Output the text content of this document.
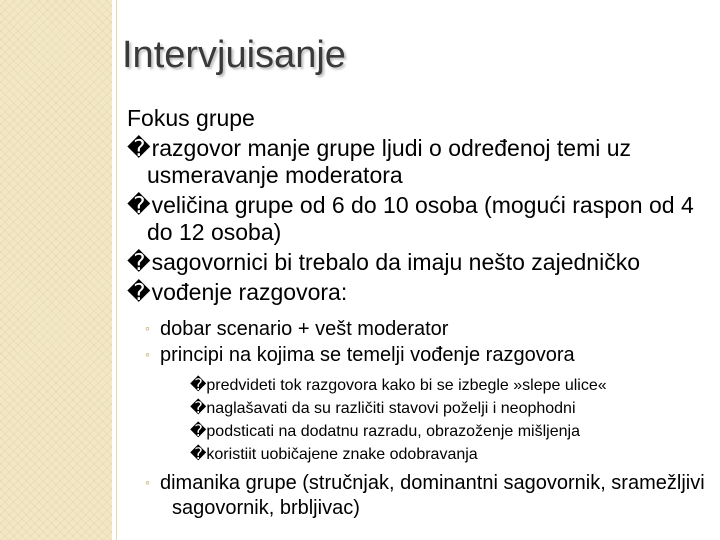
Intervjuisanje

Fokus grupe

�razgovor manje grupe ljudi o određenoj temi uz usmeravanje moderatora

�veličina grupe od 6 do 10 osoba (mogući raspon od 4 do 12 osoba)

�sagovornici bi trebalo da imaju nešto zajedničko

�vođenje razgovora:

◦ dobar scenario + vešt moderator

◦ principi na kojima se temelji vođenje razgovora

�predvideti tok razgovora kako bi se izbegle »slepe ulice«

�naglašavati da su različiti stavovi poželji i neophodni

�podsticati na dodatnu razradu, obrazoženje mišljenja

�koristiit uobičajene znake odobravanja

◦ dimanika grupe (stručnjak, dominantni sagovornik, sramežljivi sagovornik, brbljivac)
